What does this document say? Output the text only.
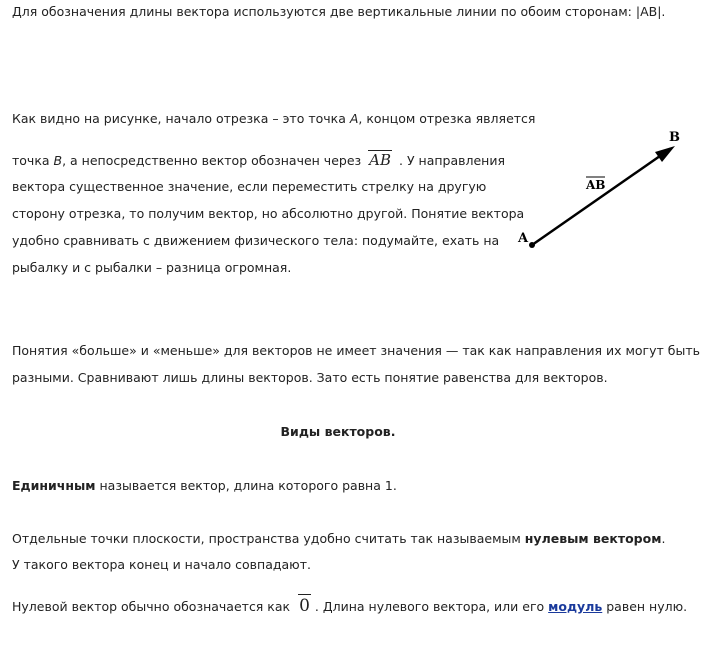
Для обозначения длины вектора используются две вертикальные линии по обоим сторонам: |AB|.
Как видно на рисунке, начало отрезка – это точка А, концом отрезка является
точка В, а непосредственно вектор обозначен через AB . У направления
вектора существенное значение, если переместить стрелку на другую
сторону отрезка, то получим вектор, но абсолютно другой. Понятие вектора
удобно сравнивать с движением физического тела: подумайте, ехать на
рыбалку и с рыбалки – разница огромная.
A
B
AB
Понятия «больше» и «меньше» для векторов не имеет значения — так как направления их могут быть
разными. Сравнивают лишь длины векторов. Зато есть понятие равенства для векторов.
Виды векторов.
Единичным называется вектор, длина которого равна 1.
Отдельные точки плоскости, пространства удобно считать так называемым нулевым вектором.
У такого вектора конец и начало совпадают.
Нулевой вектор обычно обозначается как 0 . Длина нулевого вектора, или его модуль равен нулю.
